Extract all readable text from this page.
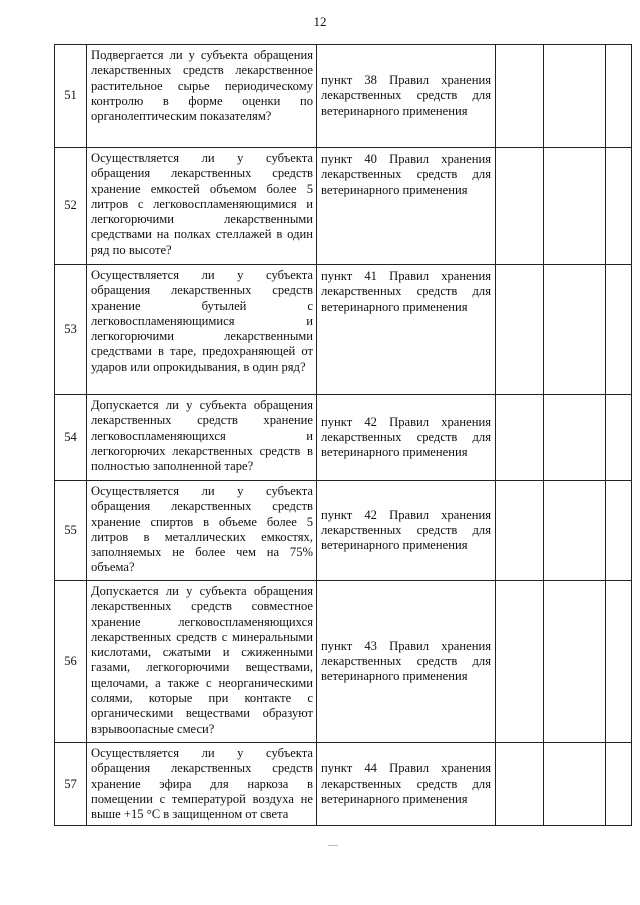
12
51	Подвергается ли у субъекта обращения лекарственных средств лекарственное растительное сырье периодическому контролю в форме оценки по органолептическим показателям?	пункт 38 Правил хранения лекарственных средств для ветеринарного применения			

52	Осуществляется ли у субъекта обращения лекарственных средств хранение емкостей объемом более 5 литров с легковоспламеняющимися и легкогорючими лекарственными средствами на полках стеллажей в один ряд по высоте?	пункт 40 Правил хранения лекарственных средств для ветеринарного применения			

53	Осуществляется ли у субъекта обращения лекарственных средств хранение бутылей с легковоспламеняющимися и легкогорючими лекарственными средствами в таре, предохраняющей от ударов или опрокидывания, в один ряд?	пункт 41 Правил хранения лекарственных средств для ветеринарного применения			

54	Допускается ли у субъекта обращения лекарственных средств хранение легковоспламеняющихся и легкогорючих лекарственных средств в полностью заполненной таре?	пункт 42 Правил хранения лекарственных средств для ветеринарного применения			

55	Осуществляется ли у субъекта обращения лекарственных средств хранение спиртов в объеме более 5 литров в металлических емкостях, заполняемых не более чем на 75% объема?	пункт 42 Правил хранения лекарственных средств для ветеринарного применения			

56	Допускается ли у субъекта обращения лекарственных средств совместное хранение легковоспламеняющихся лекарственных средств с минеральными кислотами, сжатыми и сжиженными газами, легкогорючими веществами, щелочами, а также с неорганическими солями, которые при контакте с органическими веществами образуют взрывоопасные смеси?	пункт 43 Правил хранения лекарственных средств для ветеринарного применения			

57	Осуществляется ли у субъекта обращения лекарственных средств хранение эфира для наркоза в помещении с температурой воздуха не выше +15 °С в защищенном от света	пункт 44 Правил хранения лекарственных средств для ветеринарного применения			
